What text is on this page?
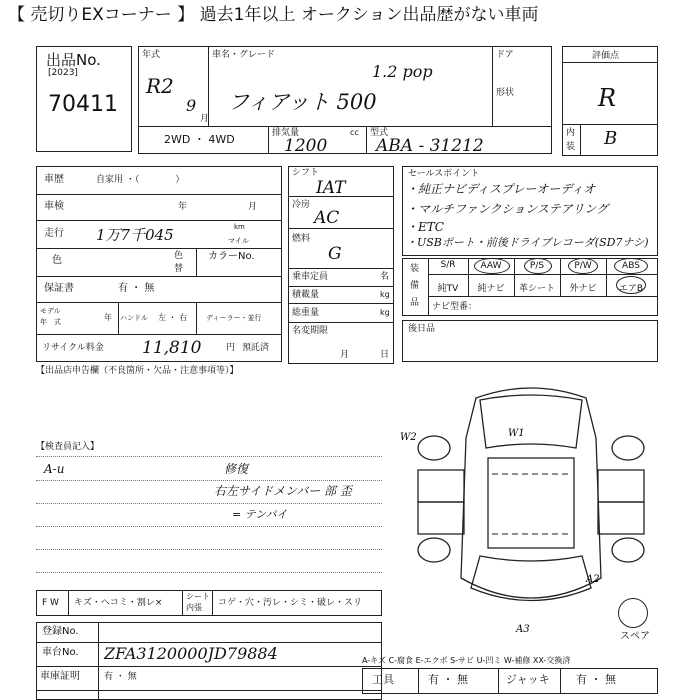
【 売切りEXコーナー 】 過去1年以上 オークション出品歴がない車両
出品No.
[2023]
70411
年式
R2
9
月
車名・グレード
1.2 pop
フィアット 500
ドア
形状
2WD ・ 4WD	排気量	cc
1200
型式
ABA - 31212
評価点
R
内
装 B
車歴	自家用 ・（　　　　）
車検	年	月
走行 1万7千045	km
マイル
色	色
替
カラーNo.
保証書	有 ・ 無
モデル
年　式	年 ハンドル 左 ・ 右	ディーラー・並行
リサイクル料金 11,810	円 預託済
シフト
IAT
冷房
AC
燃料
G
乗車定員	名
積載量	kg
総重量	kg
名変期限
月	日
セールスポイント
・純正ナビディスプレーオーディオ
・マルチファンクションステアリング
・ETC
・USBポート・前後ドライブレコーダ(SD7ナシ)
装
備
品
S/R	AAW	P/S	P/W	ABS
純TV	純ナビ	革シート	外ナビ	エアB
ナビ型番：
後日品
【出品店申告欄（不良箇所・欠品・注意事項等）】
【検査員記入】
A-u	修復
右左サイドメンバー 部 歪
= テンパイ
F W キズ・ヘコミ・割レ×
シート
内張 コゲ・穴・汚レ・シミ・破レ・スリ
登録No.
車台No. ZFA3120000JD79884
車庫証明	有 ・ 無
W1
W2
A2
A3
スペア
A-キズ C-腐食 E-エクボ S-サビ U-凹ミ W-補修 XX-交換済
工具	有 ・ 無	ジャッキ 有 ・ 無
